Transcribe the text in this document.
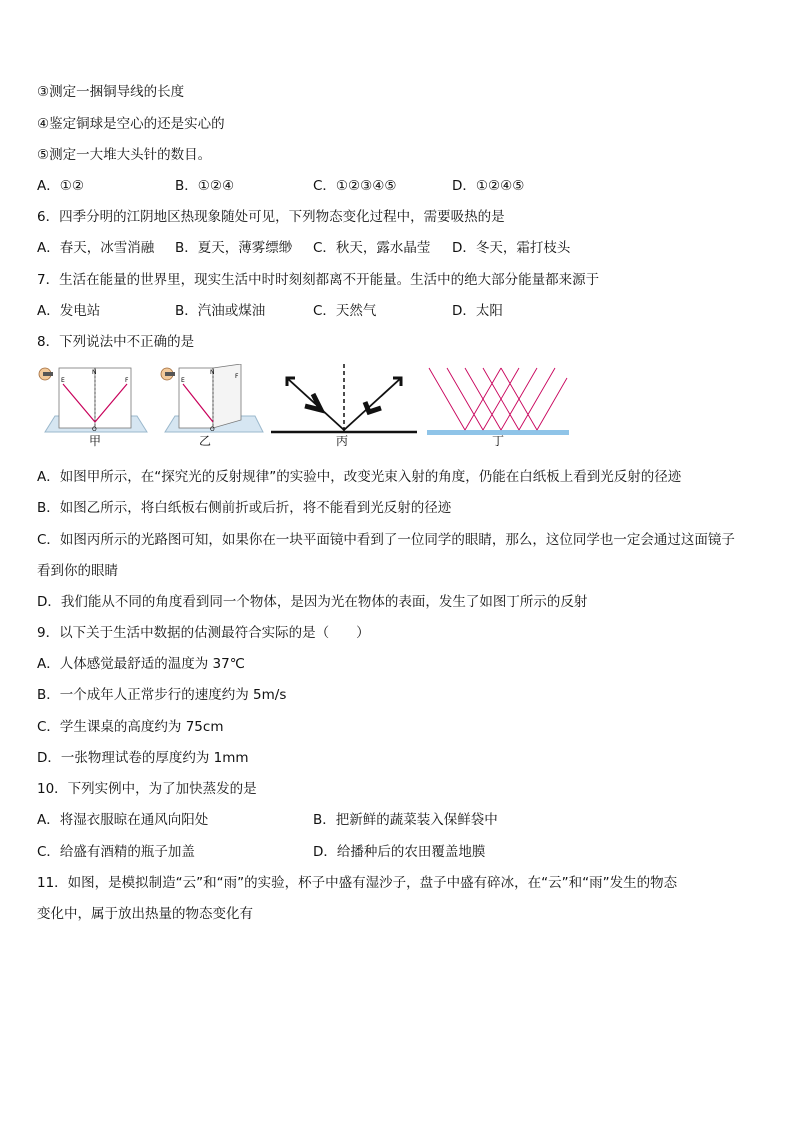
③测定一捆铜导线的长度
④鉴定铜球是空心的还是实心的
⑤测定一大堆大头针的数目。
A．①②	B．①②④	C．①②③④⑤	D．①②④⑤
6．四季分明的江阴地区热现象随处可见，下列物态变化过程中，需要吸热的是
A．春天，冰雪消融 B．夏天，薄雾缥缈 C．秋天，露水晶莹 D．冬天，霜打枝头
7．生活在能量的世界里，现实生活中时时刻刻都离不开能量。生活中的绝大部分能量都来源于
A．发电站	B．汽油或煤油	C．天然气	D．太阳
8．下列说法中不正确的是
E
N
F
O
甲
E
N
F
O
乙	丙	丁
A．如图甲所示，在“探究光的反射规律”的实验中，改变光束入射的角度，仍能在白纸板上看到光反射的径迹
B．如图乙所示，将白纸板右侧前折或后折，将不能看到光反射的径迹
C．如图丙所示的光路图可知，如果你在一块平面镜中看到了一位同学的眼睛，那么，这位同学也一定会通过这面镜子
看到你的眼睛
D．我们能从不同的角度看到同一个物体，是因为光在物体的表面，发生了如图丁所示的反射
9．以下关于生活中数据的估测最符合实际的是（　　）
A．人体感觉最舒适的温度为 37℃
B．一个成年人正常步行的速度约为 5m/s
C．学生课桌的高度约为 75cm
D．一张物理试卷的厚度约为 1mm
10．下列实例中，为了加快蒸发的是
A．将湿衣服晾在通风向阳处	B．把新鲜的蔬菜装入保鲜袋中
C．给盛有酒精的瓶子加盖	D．给播种后的农田覆盖地膜
11．如图，是模拟制造“云”和“雨”的实验，杯子中盛有湿沙子，盘子中盛有碎冰，在“云”和“雨”发生的物态
变化中，属于放出热量的物态变化有
